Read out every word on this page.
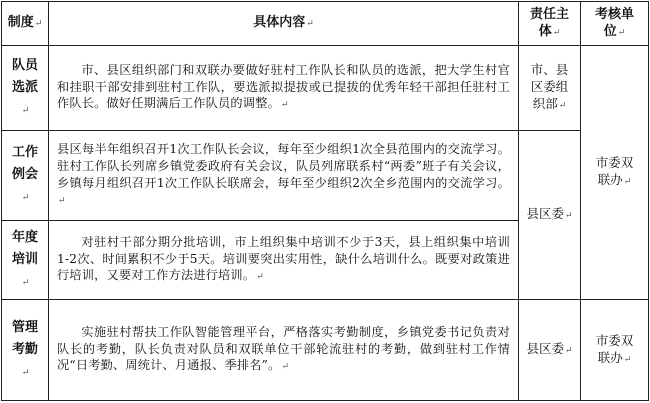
制度↵	具体内容↵	责任主体↵	考核单位↵
队员选派↵	市、县区组织部门和双联办要做好驻村工作队长和队员的选派，把大学生村官和挂职干部安排到驻村工作队，要选派拟提拔或已提拔的优秀年轻干部担任驻村工作队长。做好任期满后工作队员的调整。↵	市、县区委组织部↵	市委双联办↵
工作例会↵	县区每半年组织召开1次工作队长会议，每年至少组织1次全县范围内的交流学习。驻村工作队长列席乡镇党委政府有关会议，队员列席联系村“两委”班子有关会议，乡镇每月组织召开1次工作队长联席会，每年至少组织2次全乡范围内的交流学习。↵	县区委↵	
年度培训↵	对驻村干部分期分批培训，市上组织集中培训不少于3天，县上组织集中培训1-2次、时间累积不少于5天。培训要突出实用性，缺什么培训什么。既要对政策进行培训，又要对工作方法进行培训。↵		
管理考勤↵	实施驻村帮扶工作队智能管理平台，严格落实考勤制度，乡镇党委书记负责对队长的考勤，队长负责对队员和双联单位干部轮流驻村的考勤，做到驻村工作情况“日考勤、周统计、月通报、季排名”。↵	县区委↵	市委双联办↵
